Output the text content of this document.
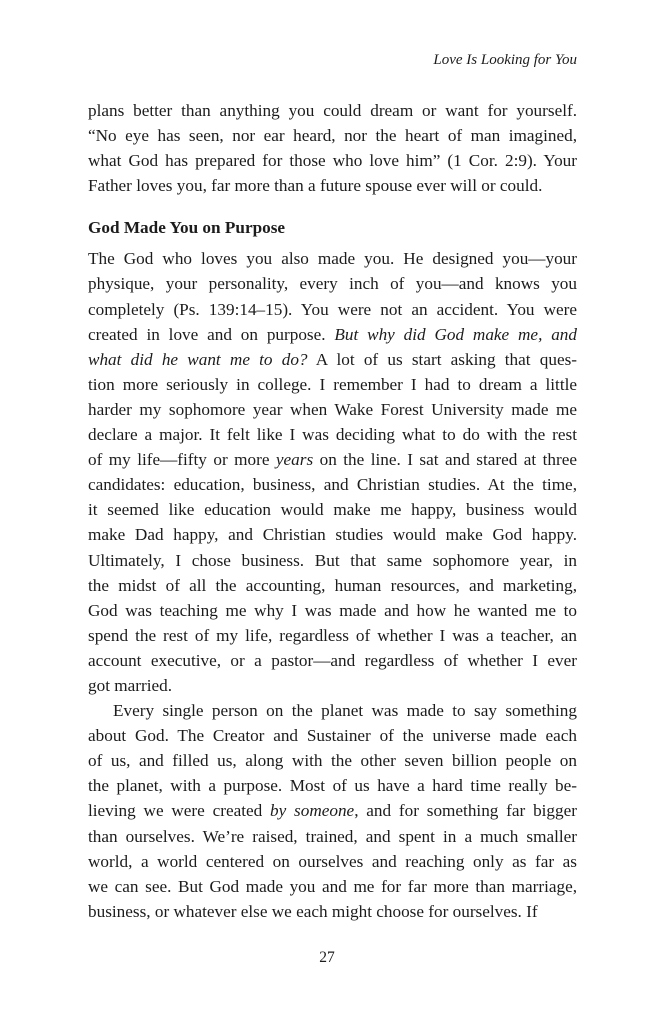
Love Is Looking for You

plans better than anything you could dream or want for yourself.

“No eye has seen, nor ear heard, nor the heart of man imagined,

what God has prepared for those who love him” (1 Cor. 2:9). Your

Father loves you, far more than a future spouse ever will or could.

God Made You on Purpose

The God who loves you also made you. He designed you—your

physique, your personality, every inch of you—and knows you

completely (Ps. 139:14–15). You were not an accident. You were

created in love and on purpose. But why did God make me, and

what did he want me to do? A lot of us start asking that ques-

tion more seriously in college. I remember I had to dream a little

harder my sophomore year when Wake Forest University made me

declare a major. It felt like I was deciding what to do with the rest

of my life—fifty or more years on the line. I sat and stared at three

candidates: education, business, and Christian studies. At the time,

it seemed like education would make me happy, business would

make Dad happy, and Christian studies would make God happy.

Ultimately, I chose business. But that same sophomore year, in

the midst of all the accounting, human resources, and marketing,

God was teaching me why I was made and how he wanted me to

spend the rest of my life, regardless of whether I was a teacher, an

account executive, or a pastor—and regardless of whether I ever

got married.

Every single person on the planet was made to say something

about God. The Creator and Sustainer of the universe made each

of us, and filled us, along with the other seven billion people on

the planet, with a purpose. Most of us have a hard time really be-

lieving we were created by someone, and for something far bigger

than ourselves. We’re raised, trained, and spent in a much smaller

world, a world centered on ourselves and reaching only as far as

we can see. But God made you and me for far more than marriage,

business, or whatever else we each might choose for ourselves. If

27
